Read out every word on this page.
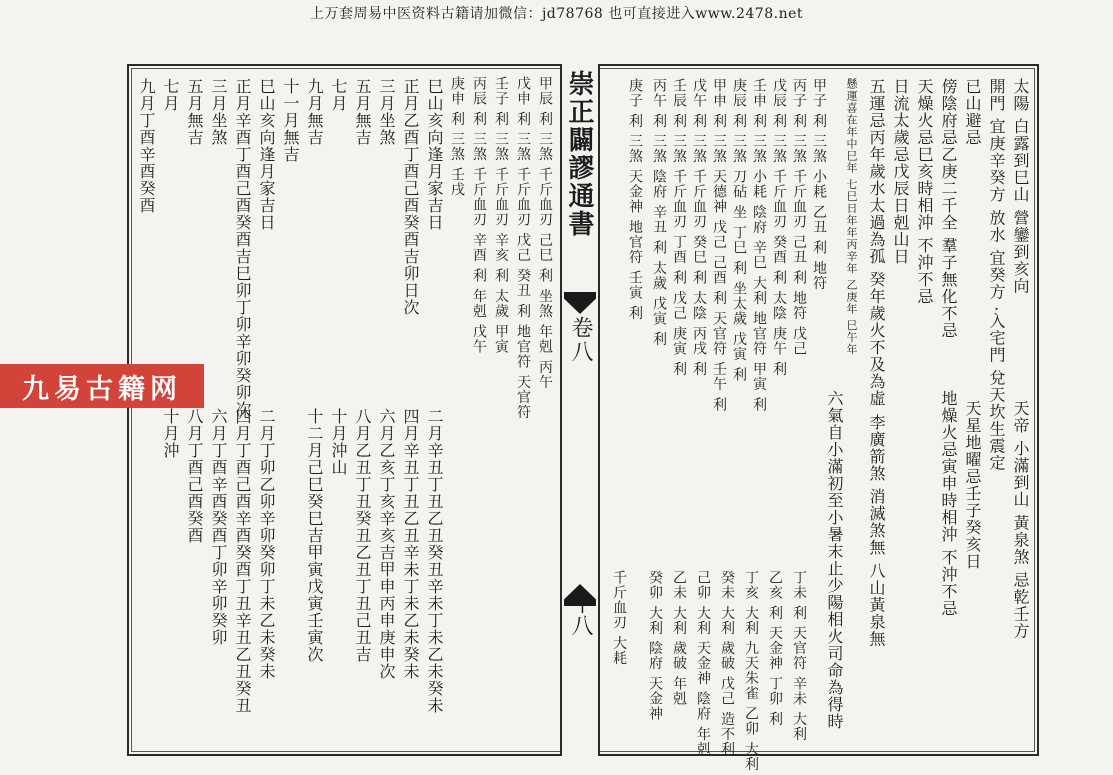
上万套周易中医资料古籍请加微信：jd78768 也可直接进入www.2478.net
崇正闢謬通書
卷八
十八
太陽 白露到巳山 營鑾到亥向
開門 宜庚辛癸方 放水 宜癸方 ·入宅門 兌天坎生震定
已山避忌
傍陰府忌乙庚二千全 羣子無化不忌
天燥火忌巳亥時相沖 不沖不忌
日流太歲忌戊辰日剋山日
五運忌丙年歲水太過為孤 癸年歲火不及為虛
懸運喜在年中巳年 七巳日年年丙辛年 乙庚年 巳午年
六氣自小滿初至小暑末止少陽相火司命為得時	地燥火忌寅申時相沖 不沖不忌
李廣箭煞 消滅煞無 八山黃泉無	天星地曜忌壬子癸亥日 天帝 小滿到山 黃泉煞 忌乾壬方
甲子 利 三煞 小耗 乙丑 利 地符
丙子 利 三煞 千斤血刃 己丑 利 地符 戊己
戊辰 利 三煞 千斤血刃 癸酉 利 太陰 庚午 利
壬申 利 三煞 小耗 陰府 辛巳 大利 地官符 甲寅 利
庚辰 利 三煞 刀砧 坐 丁巳 利 坐太歲 戊寅 利
甲申 利 三煞 天德神 戊己 己酉 利 天官符 壬午 利
戊午 利 三煞 千斤血刃 癸巳 利 太陰 丙戌 利
壬辰 利 三煞 千斤血刃 丁酉 利 戊己 庚寅 利
丙午 利 三煞 陰府 辛丑 利 太歲 戊寅 利
庚子 利 三煞 天金神 地官符 壬寅 利
丁未 利 天官符 辛未 大利
乙亥 利 天金神 丁卯 利
丁亥 大利 九天朱雀 乙卯 大利
癸未 大利 歲破 戊己 造不利
己卯 大利 天金神 陰府 年剋
乙未 大利 歲破 年剋
癸卯 大利 陰府 天金神
千斤血刃 大耗
甲辰 利 三煞 千斤血刃 己巳 利 坐煞 年剋 丙午
戊申 利 三煞 千斤血刃 戊己 癸丑 利 地官符 天官符
壬子 利 三煞 千斤血刃 辛亥 利 太歲 甲寅
丙辰 利 三煞 千斤血刃 辛酉 利 年剋 戊午
庚申 利 三煞 壬戌
巳山亥向逢月家吉日
正月乙酉丁酉己酉癸酉吉卯日次
三月坐煞
五月無吉
七月
九月無吉
十一月無吉
巳山亥向逢月家吉日
正月辛酉丁酉己酉癸酉吉巳卯丁卯辛卯癸卯次
三月坐煞
五月無吉
七月
九月丁酉辛酉癸酉
二月辛丑丁丑乙丑癸丑辛未丁未乙未癸未
四月辛丑丁丑乙丑辛未丁未乙未癸未
六月乙亥丁亥辛亥吉甲申丙申庚申次
八月乙丑丁丑癸丑乙丑丁丑己丑吉
十月沖山
十二月己巳癸巳吉甲寅戊寅壬寅次
二月丁卯乙卯辛卯癸卯丁未乙未癸未
四月丁酉己酉辛酉癸酉丁丑辛丑乙丑癸丑
六月丁酉辛酉癸酉丁卯辛卯癸卯
八月丁酉己酉癸酉
十月沖
九易古籍网
